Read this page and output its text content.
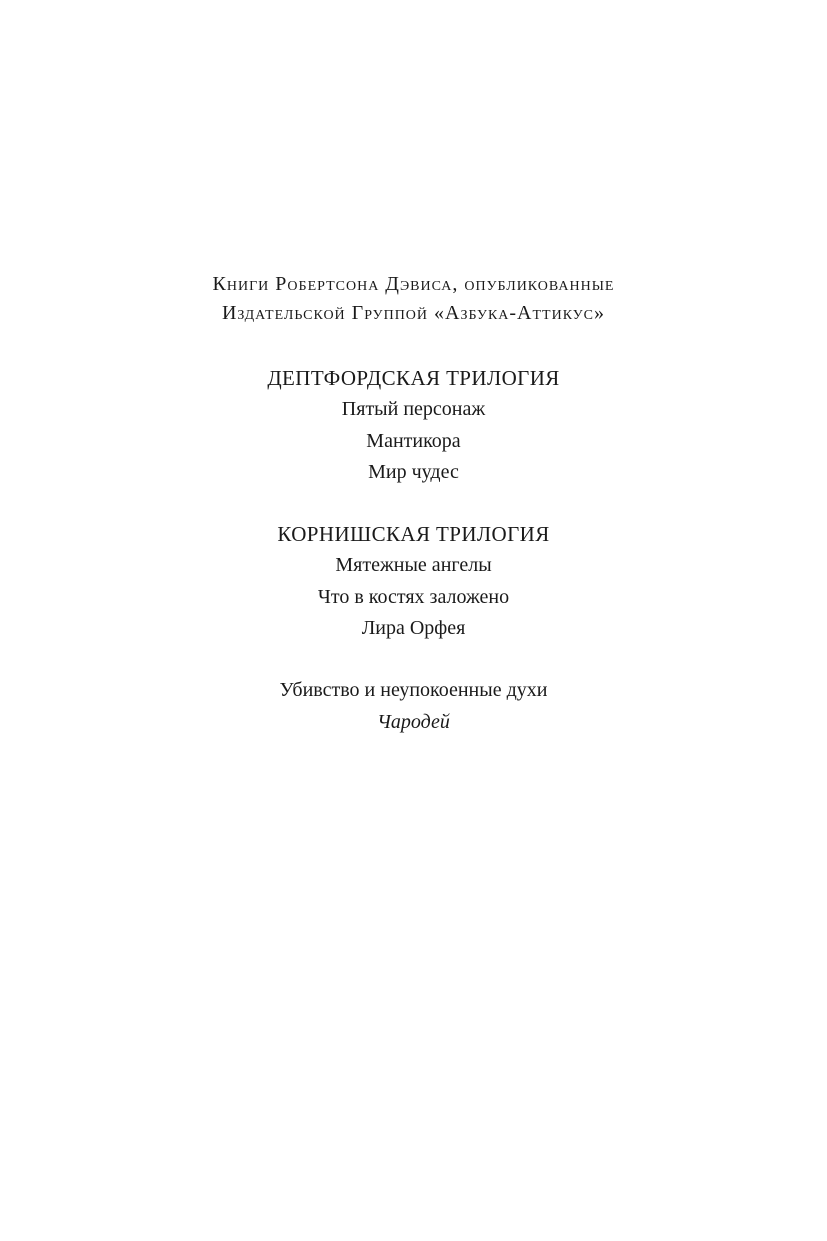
Книги Робертсона Дэвиса, опубликованные
Издательской Группой «Азбука-Аттикус»
ДЕПТФОРДСКАЯ ТРИЛОГИЯ
Пятый персонаж
Мантикора
Мир чудес
КОРНИШСКАЯ ТРИЛОГИЯ
Мятежные ангелы
Что в костях заложено
Лира Орфея
Убивство и неупокоенные духи
Чародей
